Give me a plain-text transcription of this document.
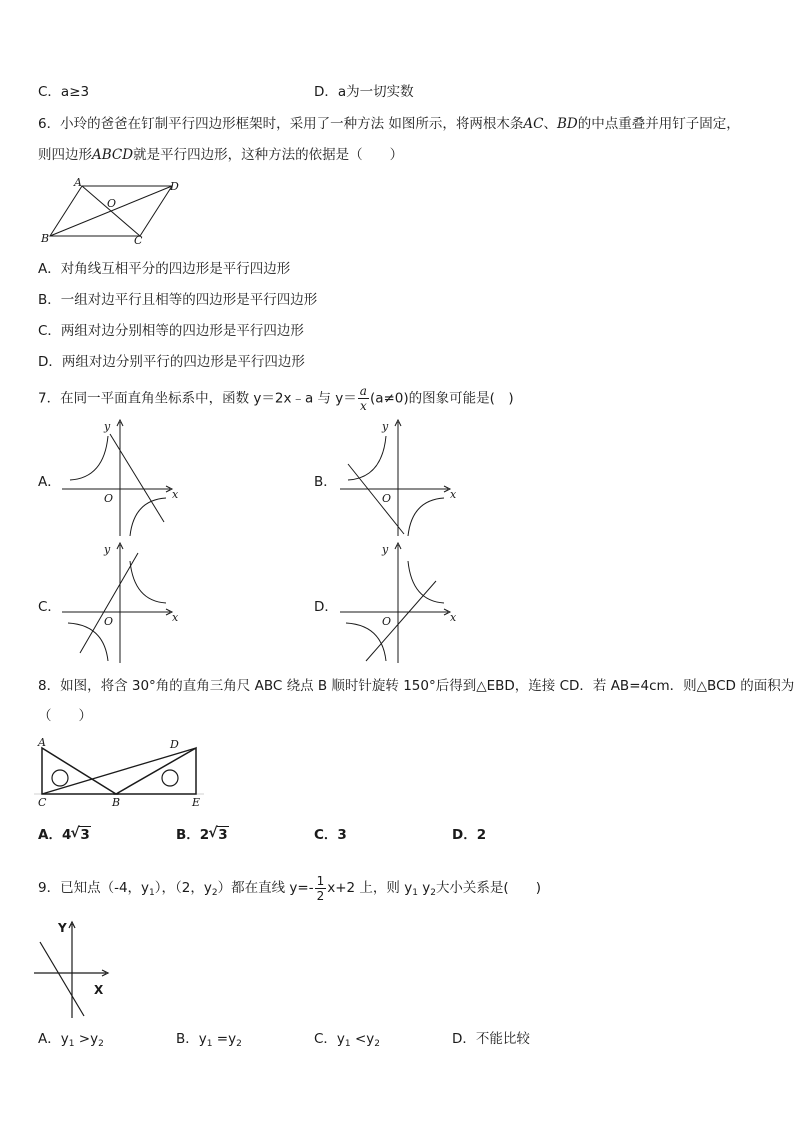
C．a≥3	D．a为一切实数
6．小玲的爸爸在钉制平行四边形框架时，采用了一种方法 如图所示，将两根木条AC、BD的中点重叠并用钉子固定，
则四边形ABCD就是平行四边形，这种方法的依据是（　　）
A	D
B	C
O
A．对角线互相平分的四边形是平行四边形
B．一组对边平行且相等的四边形是平行四边形
C．两组对边分别相等的四边形是平行四边形
D．两组对边分别平行的四边形是平行四边形
7．在同一平面直角坐标系中，函数 y＝2x﹣a 与 $y= \frac{a}{x} (a\ne 0)$的图象可能是(　)
A．
x
y
O
B．
x
y
O
C．
x
y
O
D．
x
y
O
8．如图，将含 30°角的直角三角尺 ABC 绕点 B 顺时针旋转 150°后得到△EBD，连接 CD．若 AB=4cm．则△BCD 的面积为
（　　）
A
C	B
D
E
A．4 √ 3	B．2 √ 3	C．3	D．2
9．已知点（-4，$y_1$），（2，$y_2$）都在直线 $y=- \frac{1}{2} x+2$ 上，则 $y_1$ $y_2$大小关系是(　　)
Y
X
A．$y_1 >y_2$	B．$y_1 =y_2$	C．$y_1 <y_2$	D．不能比较
